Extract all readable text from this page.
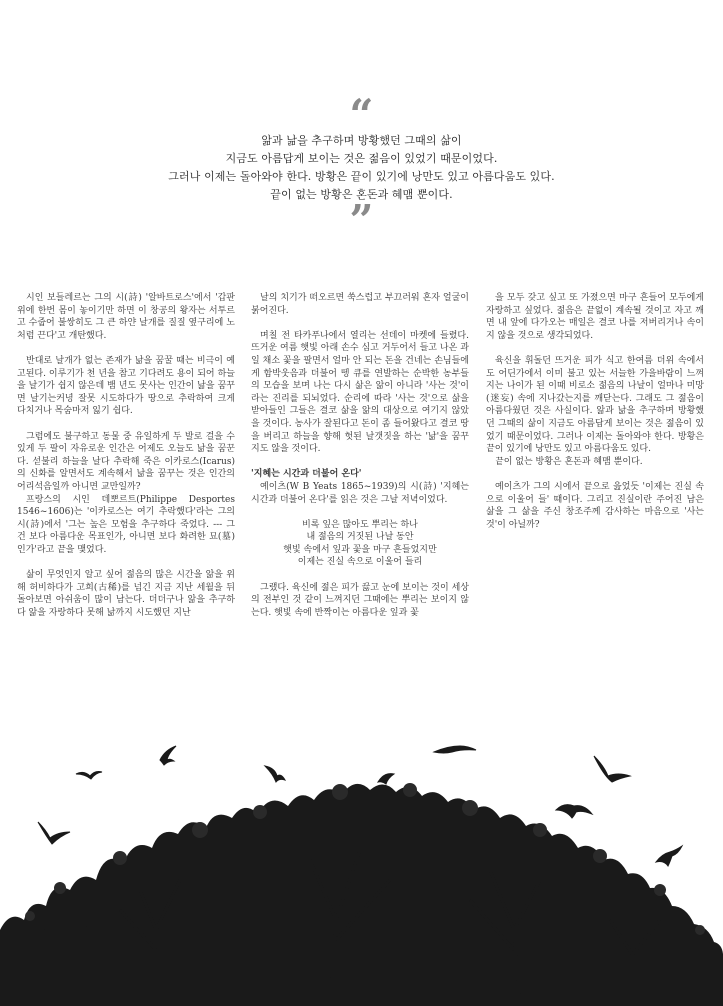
“
앎과 낢을 추구하며 방황했던 그때의 삶이
지금도 아름답게 보이는 것은 젊음이 있었기 때문이었다.
그러나 이제는 돌아와야 한다. 방황은 끝이 있기에 낭만도 있고 아름다움도 있다.
끝이 없는 방황은 혼돈과 혜맴 뿐이다.
”

시인 보들레르는 그의 시(詩) '알바트로스'에서 '갑판 위에 한번 몸이 놓이기만 하면 이 창공의 왕자는 서투르고 수줍어 불쌍히도 그 큰 하얀 날개를 질질 옆구리에 노처럼 끈다'고 개탄했다.

반대로 날개가 없는 존재가 낢을 꿈꿀 때는 비극이 예고된다. 이루기가 천 년을 참고 기다려도 용이 되어 하늘을 날기가 쉽지 않은데 뱀 년도 못사는 인간이 낢을 꿈꾸면 날기는커녕 잘못 시도하다가 땅으로 추락하여 크게 다치거나 목숨마저 잃기 쉽다.

그럼에도 불구하고 동물 중 유일하게 두 발로 걸을 수 있게 두 팔이 자유로운 인간은 어제도 오늘도 낢을 꿈꾼다. 섣불리 하늘을 날다 추락해 죽은 이카로스(Icarus)의 신화를 알면서도 계속해서 낢을 꿈꾸는 것은 인간의 어리석음일까 아니면 교만일까?

프랑스의 시인 데뽀르트(Philippe Desportes 1546~1606)는 '이카로스는 여기 추락했다'라는 그의 시(詩)에서 '그는 높은 모험을 추구하다 죽었다. --- 그 건 보다 아름다운 목표인가, 아니면 보다 화려한 묘(墓)인가'라고 끝을 맺었다.

삶이 무엇인지 알고 싶어 젊음의 많은 시간을 앎을 위해 허비하다가 고희(古稀)를 넘긴 지금 지난 세월을 뒤돌아보면 아쉬움이 많이 남는다. 더더구나 앎을 추구하다 앎을 자랑하다 못해 낢까지 시도했던 지난

날의 치기가 떠오르면 쑥스럽고 부끄러워 혼자 얼굴이 붉어진다.

며칠 전 타카푸나에서 열리는 선데이 마켓에 들렸다. 뜨거운 여름 햇빛 아래 손수 심고 거두어서 들고 나온 과일 채소 꽃을 팔면서 얼마 안 되는 돈을 건네는 손님들에게 함박웃음과 더불어 뗑 큐를 연발하는 순박한 농부들의 모습을 보며 나는 다시 삶은 앎이 아니라 '사는 것'이라는 진리를 되뇌었다. 순리에 따라 '사는 것'으로 삶을 받아들인 그들은 결코 삶을 앎의 대상으로 여기지 않았을 것이다. 농사가 잘된다고 돈이 좀 들어왔다고 결코 땅을 버리고 하늘을 향해 헛된 날갯짓을 하는 '낢'을 꿈꾸지도 않을 것이다.

'지혜는 시간과 더불어 온다'

예이츠(W B Yeats 1865~1939)의 시(詩) '지혜는 시간과 더불어 온다'를 읽은 것은 그날 저녁이었다.

비록 잎은 많아도 뿌리는 하나
내 젊음의 거짓된 나날 동안
햇빛 속에서 잎과 꽃을 마구 흔들었지만
이제는 진실 속으로 이울어 들리

그랬다. 육신에 젊은 피가 끓고 눈에 보이는 것이 세상의 전부인 것 같이 느껴지던 그때에는 뿌리는 보이지 않는다. 햇빛 속에 반짝이는 아름다운 잎과 꽃

을 모두 갖고 싶고 또 가졌으면 마구 흔들어 모두에게 자랑하고 싶었다. 젊음은 끝없이 계속될 것이고 자고 깨면 내 앞에 다가오는 매일은 결코 나를 저버리거나 속이지 않을 것으로 생각되었다.

육신을 휘돌던 뜨거운 피가 식고 한여름 더위 속에서도 어딘가에서 이미 불고 있는 서늘한 가을바람이 느껴지는 나이가 된 이때 비로소 젊음의 나날이 얼마나 미망(迷妄) 속에 지나갔는지를 깨닫는다. 그래도 그 젊음이 아름다웠던 것은 사실이다. 앎과 낢을 추구하며 방황했던 그때의 삶이 지금도 아름답게 보이는 것은 젊음이 있었기 때문이었다. 그러나 이제는 돌아와야 한다. 방황은 끝이 있기에 낭만도 있고 아름다움도 있다.

끝이 없는 방황은 혼돈과 혜맴 뿐이다.

예이츠가 그의 시에서 끝으로 읊었듯 '이제는 진실 속으로 이울어 들' 때이다. 그리고 진실이란 주어진 남은 삶을 그 삶을 주신 창조주께 감사하는 마음으로 '사는 것'이 아닐까?
